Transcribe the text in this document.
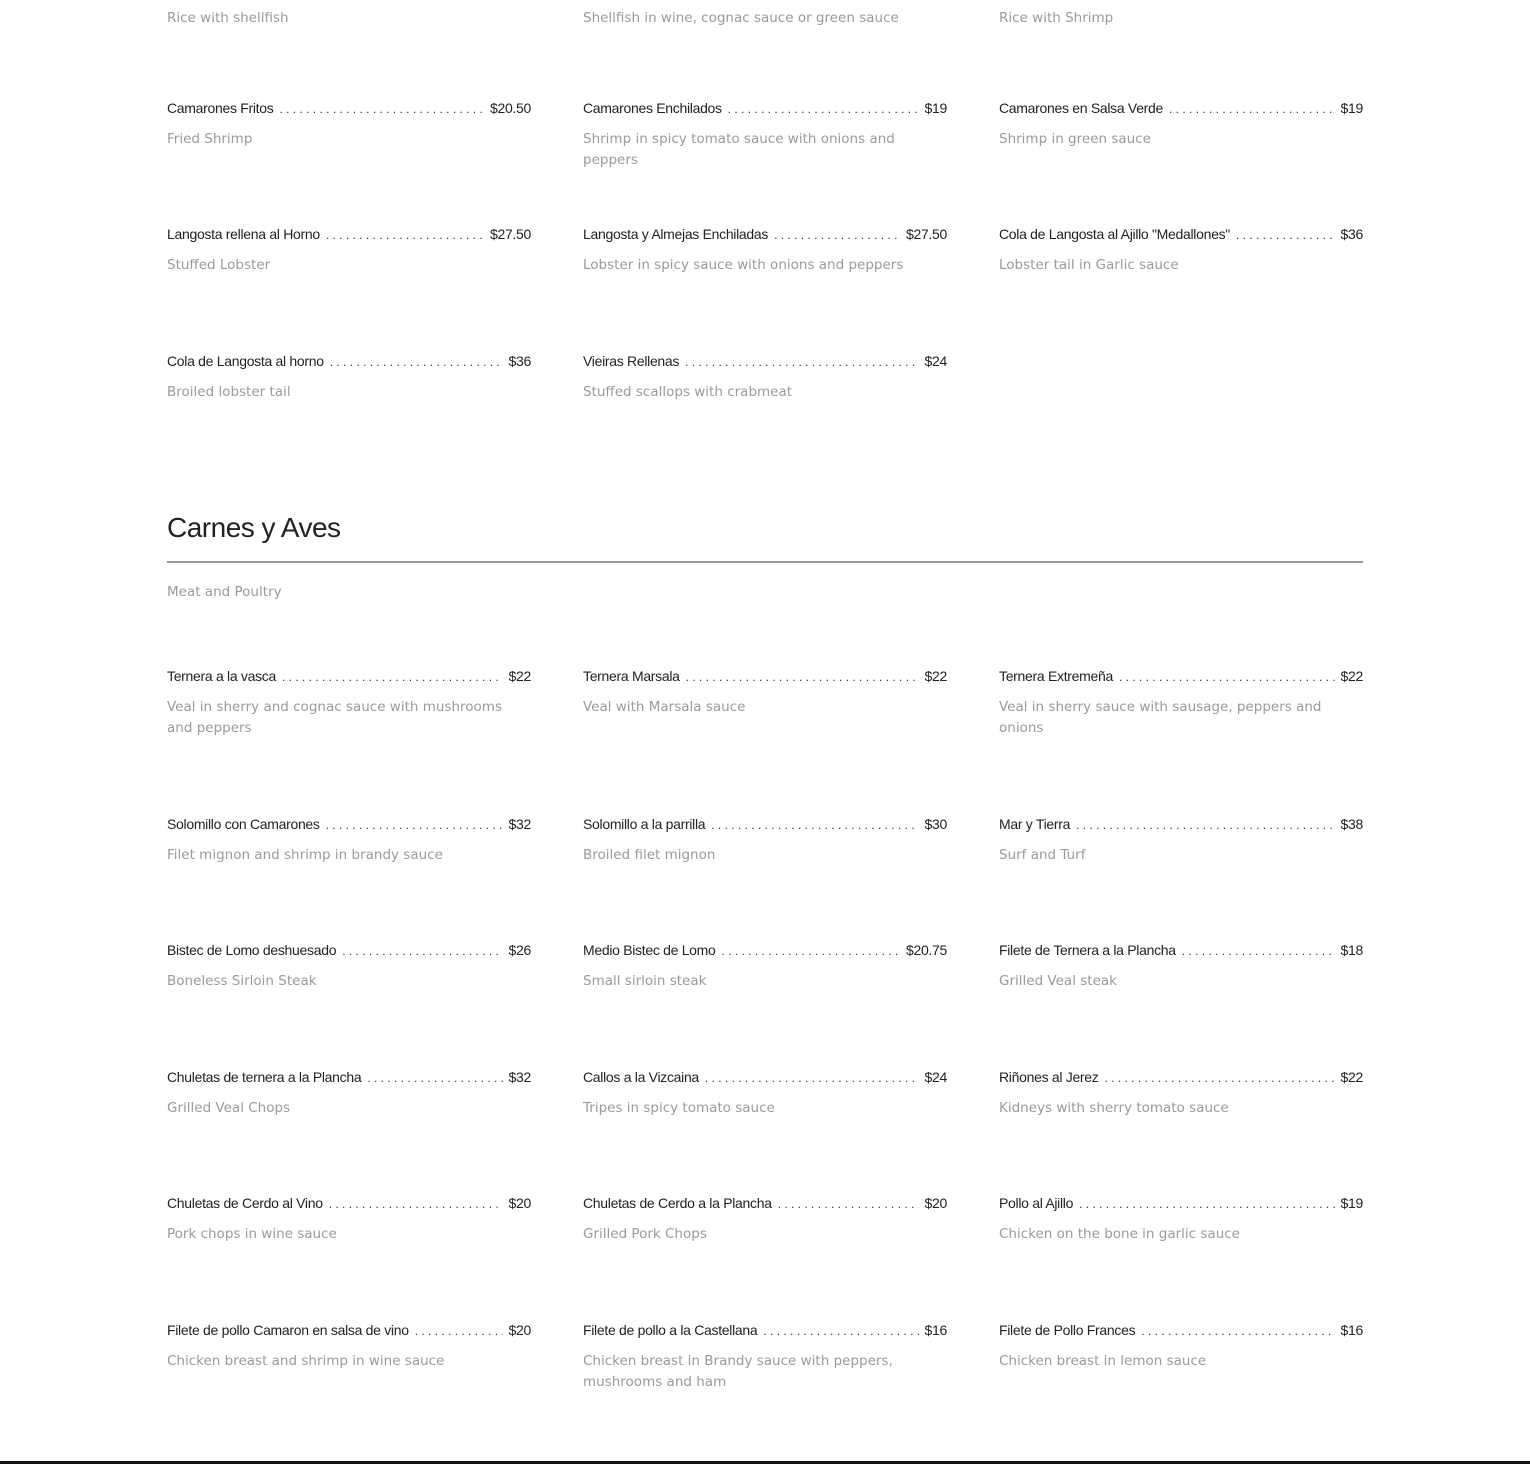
Rice with shellfish	Shellfish in wine, cognac sauce or green sauce	Rice with Shrimp
Camarones Fritos . . .	$20.50
Fried Shrimp
Camarones Enchilados . . .	$19
Shrimp in spicy tomato sauce with onions and peppers
Camarones en Salsa Verde . . .	$19
Shrimp in green sauce
Langosta rellena al Horno . . .	$27.50
Stuffed Lobster
Langosta y Almejas Enchiladas . . .	$27.50
Lobster in spicy sauce with onions and peppers
Cola de Langosta al Ajillo "Medallones" . . .	$36
Lobster tail in Garlic sauce
Cola de Langosta al horno . . .	$36
Broiled lobster tail
Vieiras Rellenas . . .	$24
Stuffed scallops with crabmeat
Carnes y Aves
Meat and Poultry
Ternera a la vasca . . .	$22
Veal in sherry and cognac sauce with mushrooms and peppers
Ternera Marsala . . .	$22
Veal with Marsala sauce
Ternera Extremeña . . .	$22
Veal in sherry sauce with sausage, peppers and onions
Solomillo con Camarones . . .	$32
Filet mignon and shrimp in brandy sauce
Solomillo a la parrilla . . .	$30
Broiled filet mignon
Mar y Tierra . . .	$38
Surf and Turf
Bistec de Lomo deshuesado . . .	$26
Boneless Sirloin Steak
Medio Bistec de Lomo . . .	$20.75
Small sirloin steak
Filete de Ternera a la Plancha . . .	$18
Grilled Veal steak
Chuletas de ternera a la Plancha . . .	$32
Grilled Veal Chops
Callos a la Vizcaina . . .	$24
Tripes in spicy tomato sauce
Riñones al Jerez . . .	$22
Kidneys with sherry tomato sauce
Chuletas de Cerdo al Vino . . .	$20
Pork chops in wine sauce
Chuletas de Cerdo a la Plancha . . .	$20
Grilled Pork Chops
Pollo al Ajillo . . .	$19
Chicken on the bone in garlic sauce
Filete de pollo Camaron en salsa de vino . . .	$20
Chicken breast and shrimp in wine sauce
Filete de pollo a la Castellana . . .	$16
Chicken breast in Brandy sauce with peppers, mushrooms and ham
Filete de Pollo Frances . . .	$16
Chicken breast in lemon sauce
